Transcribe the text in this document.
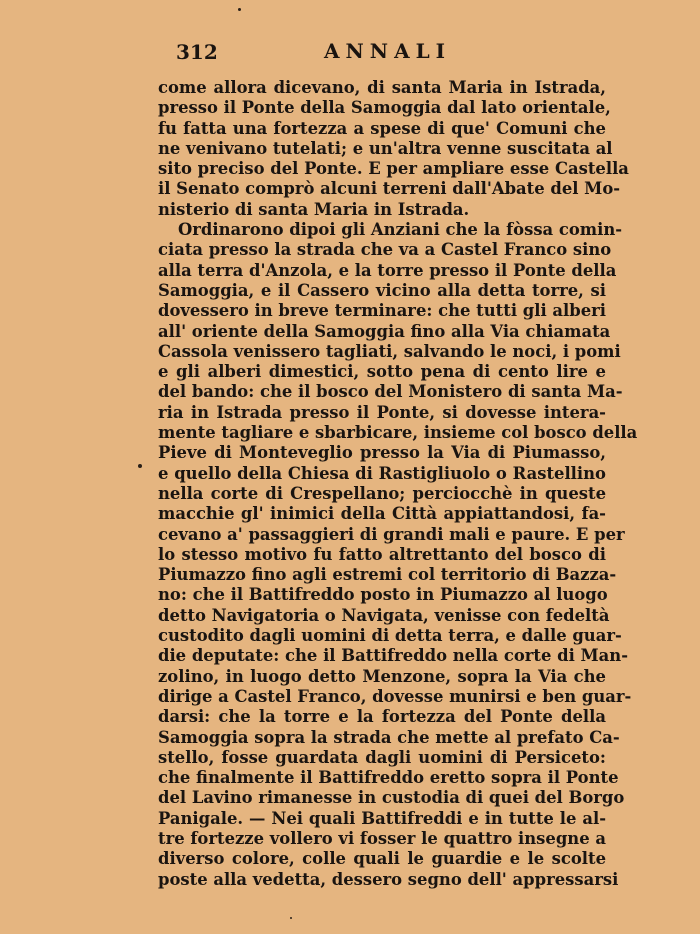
312	ANNALI
come allora dicevano, di santa Maria in Istrada,
presso il Ponte della Samoggia dal lato orientale,
fu fatta una fortezza a spese di que' Comuni che
ne venivano tutelati; e un'altra venne suscitata al
sito preciso del Ponte. E per ampliare esse Castella
il Senato comprò alcuni terreni dall'Abate del Mo-
nisterio di santa Maria in Istrada.
Ordinarono dipoi gli Anziani che la fòssa comin-
ciata presso la strada che va a Castel Franco sino
alla terra d'Anzola, e la torre presso il Ponte della
Samoggia, e il Cassero vicino alla detta torre, si
dovessero in breve terminare: che tutti gli alberi
all' oriente della Samoggia fino alla Via chiamata
Cassola venissero tagliati, salvando le noci, i pomi
e gli alberi dimestici, sotto pena di cento lire e
del bando: che il bosco del Monistero di santa Ma-
ria in Istrada presso il Ponte, si dovesse intera-
mente tagliare e sbarbicare, insieme col bosco della
Pieve di Monteveglio presso la Via di Piumasso,
e quello della Chiesa di Rastigliuolo o Rastellino
nella corte di Crespellano; perciocchè in queste
macchie gl' inimici della Città appiattandosi, fa-
cevano a' passaggieri di grandi mali e paure. E per
lo stesso motivo fu fatto altrettanto del bosco di
Piumazzo fino agli estremi col territorio di Bazza-
no: che il Battifreddo posto in Piumazzo al luogo
detto Navigatoria o Navigata, venisse con fedeltà
custodito dagli uomini di detta terra, e dalle guar-
die deputate: che il Battifreddo nella corte di Man-
zolino, in luogo detto Menzone, sopra la Via che
dirige a Castel Franco, dovesse munirsi e ben guar-
darsi: che la torre e la fortezza del Ponte della
Samoggia sopra la strada che mette al prefato Ca-
stello, fosse guardata dagli uomini di Persiceto:
che finalmente il Battifreddo eretto sopra il Ponte
del Lavino rimanesse in custodia di quei del Borgo
Panigale. — Nei quali Battifreddi e in tutte le al-
tre fortezze vollero vi fosser le quattro insegne a
diverso colore, colle quali le guardie e le scolte
poste alla vedetta, dessero segno dell' appressarsi
